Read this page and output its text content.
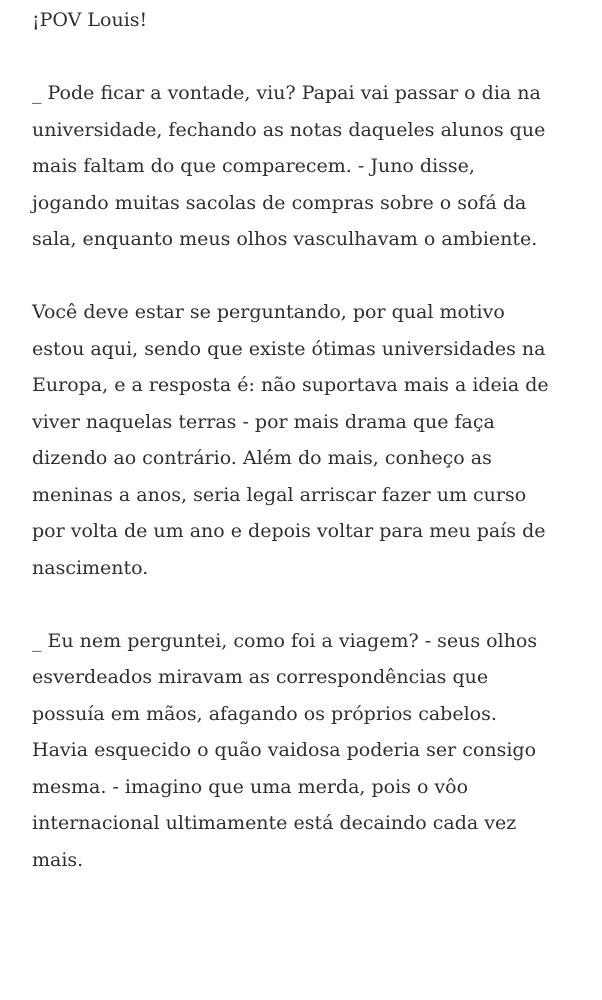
¡POV Louis!
_ Pode ficar a vontade, viu? Papai vai passar o dia na
universidade, fechando as notas daqueles alunos que
mais faltam do que comparecem. - Juno disse,
jogando muitas sacolas de compras sobre o sofá da
sala, enquanto meus olhos vasculhavam o ambiente.
Você deve estar se perguntando, por qual motivo
estou aqui, sendo que existe ótimas universidades na
Europa, e a resposta é: não suportava mais a ideia de
viver naquelas terras - por mais drama que faça
dizendo ao contrário. Além do mais, conheço as
meninas a anos, seria legal arriscar fazer um curso
por volta de um ano e depois voltar para meu país de
nascimento.
_ Eu nem perguntei, como foi a viagem? - seus olhos
esverdeados miravam as correspondências que
possuía em mãos, afagando os próprios cabelos.
Havia esquecido o quão vaidosa poderia ser consigo
mesma. - imagino que uma merda, pois o vôo
internacional ultimamente está decaindo cada vez
mais.
